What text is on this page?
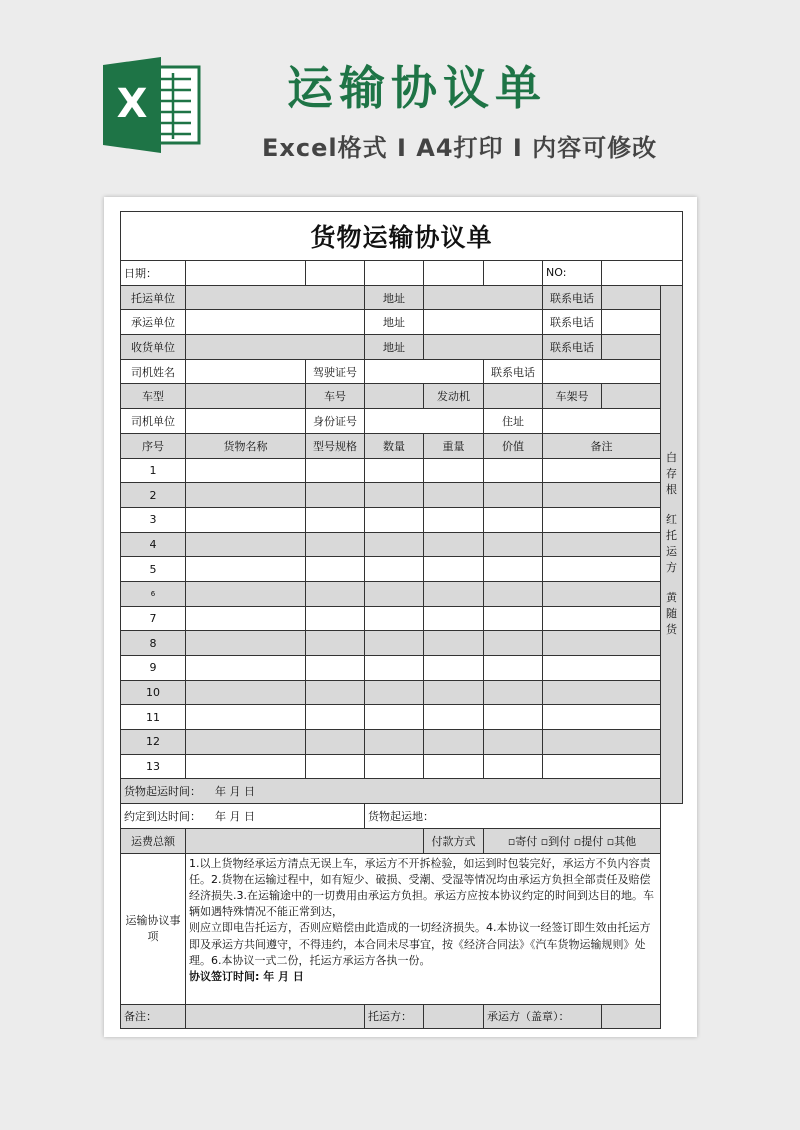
X	运输协议单
Excel格式 I A4打印 I 内容可修改
货物运输协议单								
日期：						NO:		
托运单位			地址			联系电话		白存根
红托运方
黄随货

承运单位			地址			联系电话		
收货单位			地址			联系电话		
司机姓名		驾驶证号			联系电话			
车型		车号		发动机		车架号		
司机单位		身份证号			住址			
序号	货物名称	型号规格	数量	重量	价值	备注		
1								
2								
3								
4								
5								
6								
7								
8								
9								
10								
11								
12								
13								
货物起运时间： 年 月 日								
约定到达时间： 年 月 日			货物起运地：					
运费总额				付款方式	▫寄付 ▫到付 ▫提付 ▫其他			
运输协议事项	1.以上货物经承运方清点无误上车，承运方不开拆检验，如运到时包装完好，承运方不负内容责任。2.货物在运输过程中，如有短少、破损、受潮、受湿等情况均由承运方负担全部责任及赔偿经济损失.3.在运输途中的一切费用由承运方负担。承运方应按本协议约定的时间到达目的地。车辆如遇特殊情况不能正常到达，

则应立即电告托运方，否则应赔偿由此造成的一切经济损失。4.本协议一经签订即生效由托运方即及承运方共间遵守，不得违约，本合同未尽事宜，按《经济合同法》《汽车货物运输规则》处理。6.本协议一式二份，托运方承运方各执一份。

协议签订时间: 年 月 日							

备注：			托运方：		承运方（盖章）：			
